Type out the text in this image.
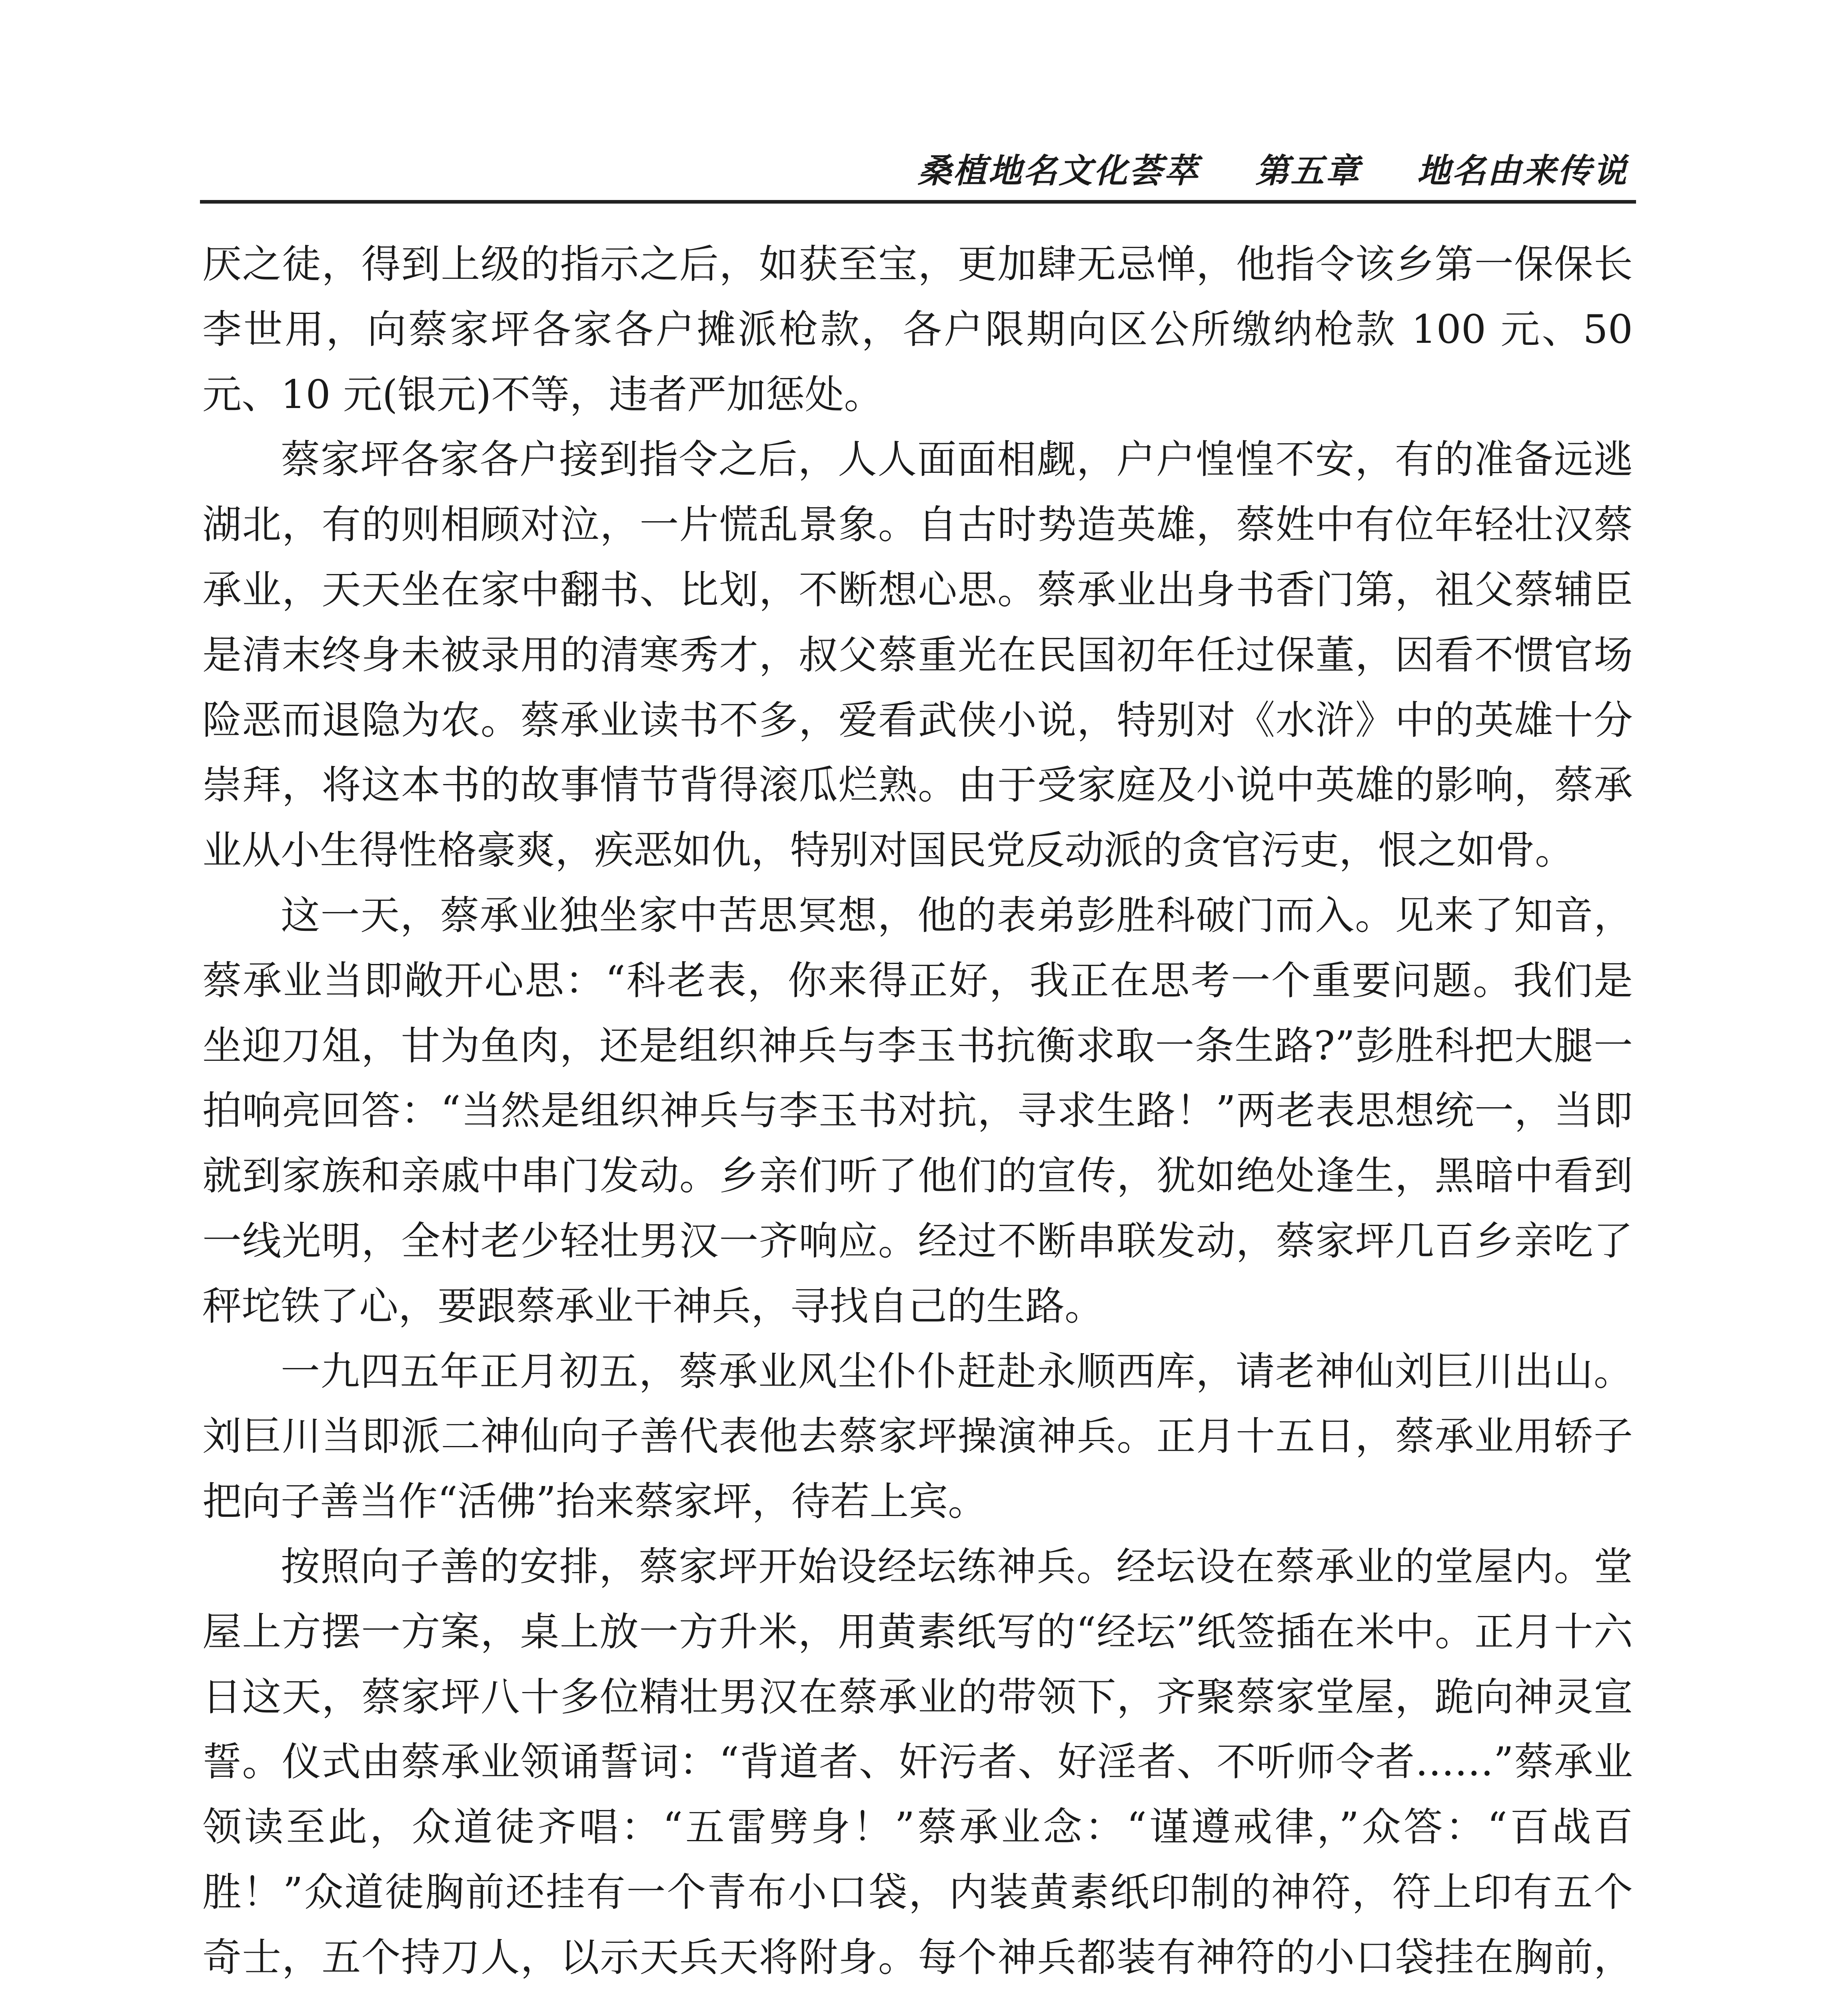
桑植地名文化荟萃 第五章 地名由来传说

厌之徒，得到上级的指示之后，如获至宝，更加肆无忌惮，他指令该乡第一保保长李世用，向蔡家坪各家各户摊派枪款，各户限期向区公所缴纳枪款 100 元、50 元、10 元(银元)不等，违者严加惩处。

蔡家坪各家各户接到指令之后，人人面面相觑，户户惶惶不安，有的准备远逃湖北，有的则相顾对泣，一片慌乱景象。自古时势造英雄，蔡姓中有位年轻壮汉蔡承业，天天坐在家中翻书、比划，不断想心思。蔡承业出身书香门第，祖父蔡辅臣是清末终身未被录用的清寒秀才，叔父蔡重光在民国初年任过保董，因看不惯官场险恶而退隐为农。蔡承业读书不多，爱看武侠小说，特别对《水浒》中的英雄十分崇拜，将这本书的故事情节背得滚瓜烂熟。由于受家庭及小说中英雄的影响，蔡承业从小生得性格豪爽，疾恶如仇，特别对国民党反动派的贪官污吏，恨之如骨。

这一天，蔡承业独坐家中苦思冥想，他的表弟彭胜科破门而入。见来了知音，蔡承业当即敞开心思：“科老表，你来得正好，我正在思考一个重要问题。我们是坐迎刀俎，甘为鱼肉，还是组织神兵与李玉书抗衡求取一条生路?”彭胜科把大腿一拍响亮回答：“当然是组织神兵与李玉书对抗，寻求生路！”两老表思想统一，当即就到家族和亲戚中串门发动。乡亲们听了他们的宣传，犹如绝处逢生，黑暗中看到一线光明，全村老少轻壮男汉一齐响应。经过不断串联发动，蔡家坪几百乡亲吃了秤坨铁了心，要跟蔡承业干神兵，寻找自己的生路。

一九四五年正月初五，蔡承业风尘仆仆赶赴永顺西库，请老神仙刘巨川出山。刘巨川当即派二神仙向子善代表他去蔡家坪操演神兵。正月十五日，蔡承业用轿子把向子善当作“活佛”抬来蔡家坪，待若上宾。

按照向子善的安排，蔡家坪开始设经坛练神兵。经坛设在蔡承业的堂屋内。堂屋上方摆一方案，桌上放一方升米，用黄素纸写的“经坛”纸签插在米中。正月十六日这天，蔡家坪八十多位精壮男汉在蔡承业的带领下，齐聚蔡家堂屋，跪向神灵宣誓。仪式由蔡承业领诵誓词：“背道者、奸污者、好淫者、不听师令者……”蔡承业领读至此，众道徒齐唱：“五雷劈身！”蔡承业念：“谨遵戒律，”众答：“百战百胜！”众道徒胸前还挂有一个青布小口袋，内装黄素纸印制的神符，符上印有五个奇士，五个持刀人，以示天兵天将附身。每个神兵都装有神符的小口袋挂在胸前，
